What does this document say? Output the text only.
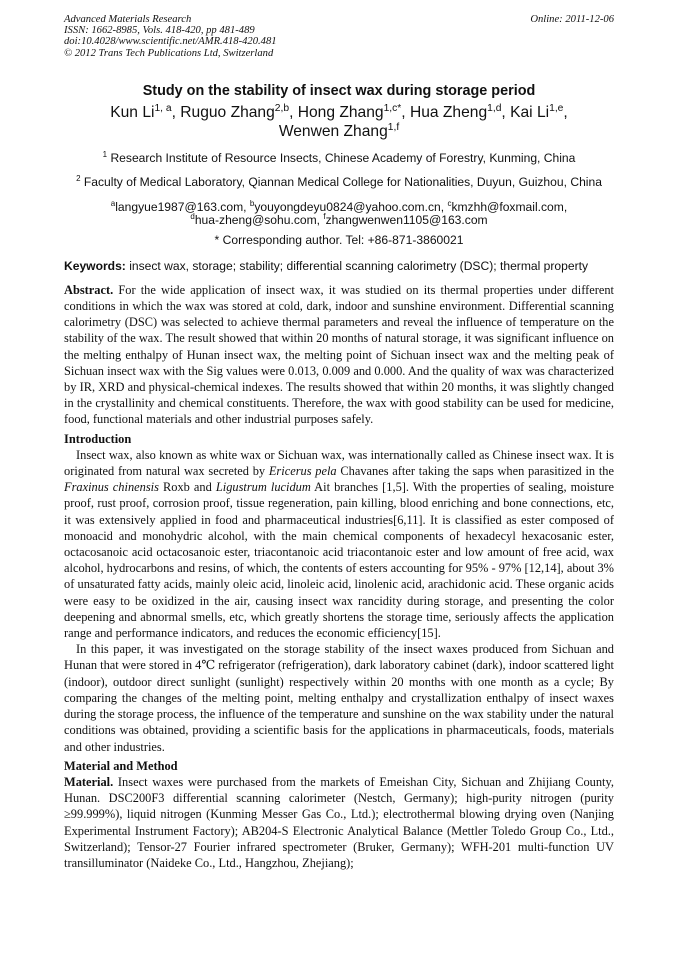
Advanced Materials Research
ISSN: 1662-8985, Vols. 418-420, pp 481-489
doi:10.4028/www.scientific.net/AMR.418-420.481
© 2012 Trans Tech Publications Ltd, Switzerland
Online: 2011-12-06
Study on the stability of insect wax during storage period
Kun Li$^{1, a}$, Ruguo Zhang$^{2,b}$, Hong Zhang$^{1,c*}$, Hua Zheng$^{1,d}$, Kai Li$^{1,e}$,
Wenwen Zhang$^{1,f}$
$^1$ Research Institute of Resource Insects, Chinese Academy of Forestry, Kunming, China
$^2$ Faculty of Medical Laboratory, Qiannan Medical College for Nationalities, Duyun, Guizhou, China
$^a$langyue1987@163.com, $^b$youyongdeyu0824@yahoo.com.cn, $^c$kmzhh@foxmail.com,
$^d$hua-zheng@sohu.com, $^f$zhangwenwen1105@163.com
* Corresponding author. Tel: +86-871-3860021
Keywords: insect wax, storage; stability; differential scanning calorimetry (DSC); thermal property

Abstract. For the wide application of insect wax, it was studied on its thermal properties under different conditions in which the wax was stored at cold, dark, indoor and sunshine environment. Differential scanning calorimetry (DSC) was selected to achieve thermal parameters and reveal the influence of temperature on the stability of the wax. The result showed that within 20 months of natural storage, it was significant influence on the melting enthalpy of Hunan insect wax, the melting point of Sichuan insect wax and the melting peak of Sichuan insect wax with the Sig values were 0.013, 0.009 and 0.000. And the quality of wax was characterized by IR, XRD and physical-chemical indexes. The results showed that within 20 months, it was slightly changed in the crystallinity and chemical constituents. Therefore, the wax with good stability can be used for medicine, food, functional materials and other industrial purposes safely.

Introduction

Insect wax, also known as white wax or Sichuan wax, was internationally called as Chinese insect wax. It is originated from natural wax secreted by Ericerus pela Chavanes after taking the saps when parasitized in the Fraxinus chinensis Roxb and Ligustrum lucidum Ait branches [1,5]. With the properties of sealing, moisture proof, rust proof, corrosion proof, tissue regeneration, pain killing, blood enriching and bone connections, etc, it was extensively applied in food and pharmaceutical industries[6,11]. It is classified as ester composed of monoacid and monohydric alcohol, with the main chemical components of hexadecyl hexacosanic ester, octacosanoic acid octacosanoic ester, triacontanoic acid triacontanoic ester and low amount of free acid, wax alcohol, hydrocarbons and resins, of which, the contents of esters accounting for 95% - 97% [12,14], about 3% of unsaturated fatty acids, mainly oleic acid, linoleic acid, linolenic acid, arachidonic acid. These organic acids were easy to be oxidized in the air, causing insect wax rancidity during storage, and presenting the color deepening and abnormal smells, etc, which greatly shortens the storage time, seriously affects the application range and performance indicators, and reduces the economic efficiency[15].

In this paper, it was investigated on the storage stability of the insect waxes produced from Sichuan and Hunan that were stored in 4℃ refrigerator (refrigeration), dark laboratory cabinet (dark), indoor scattered light (indoor), outdoor direct sunlight (sunlight) respectively within 20 months with one month as a cycle; By comparing the changes of the melting point, melting enthalpy and crystallization enthalpy of insect waxes during the storage process, the influence of the temperature and sunshine on the wax stability under the natural conditions was obtained, providing a scientific basis for the applications in pharmaceuticals, foods, materials and other industries.

Material and Method

Material. Insect waxes were purchased from the markets of Emeishan City, Sichuan and Zhijiang County, Hunan. DSC200F3 differential scanning calorimeter (Nestch, Germany); high-purity nitrogen (purity ≥99.999%), liquid nitrogen (Kunming Messer Gas Co., Ltd.); electrothermal blowing drying oven (Nanjing Experimental Instrument Factory); AB204-S Electronic Analytical Balance (Mettler Toledo Group Co., Ltd., Switzerland); Tensor-27 Fourier infrared spectrometer (Bruker, Germany); WFH-201 multi-function UV transilluminator (Naideke Co., Ltd., Hangzhou, Zhejiang);
